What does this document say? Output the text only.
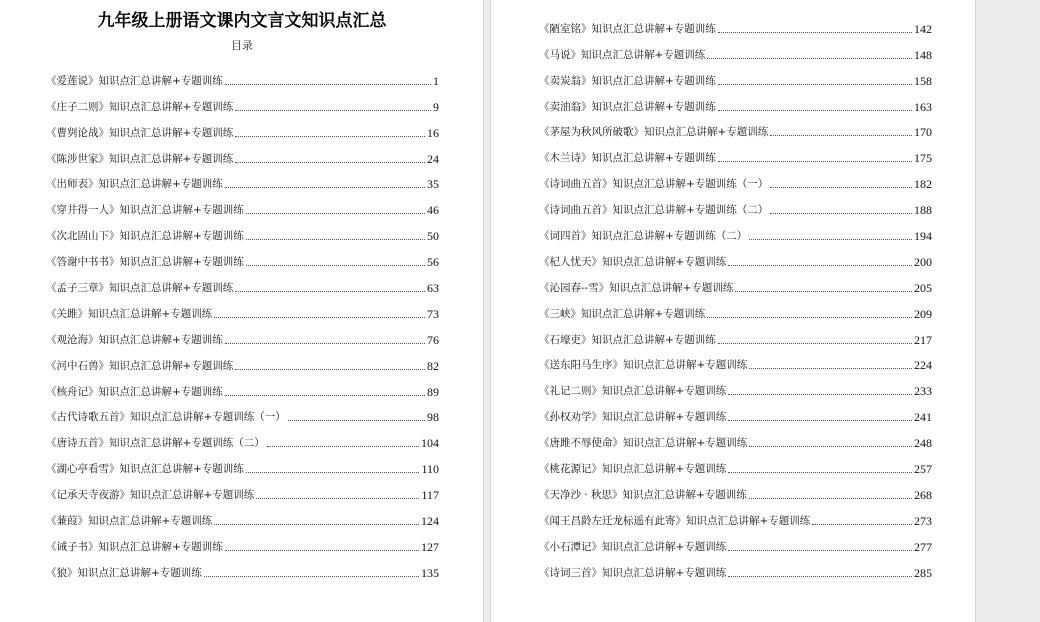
九年级上册语文课内文言文知识点汇总
目录
《爱莲说》知识点汇总讲解+专题训练	1
《庄子二则》知识点汇总讲解+专题训练	9
《曹刿论战》知识点汇总讲解+专题训练	16
《陈涉世家》知识点汇总讲解+专题训练	24
《出师表》知识点汇总讲解+专题训练	35
《穿井得一人》知识点汇总讲解+专题训练	46
《次北固山下》知识点汇总讲解+专题训练	50
《答谢中书书》知识点汇总讲解+专题训练	56
《孟子三章》知识点汇总讲解+专题训练	63
《关雎》知识点汇总讲解+专题训练	73
《观沧海》知识点汇总讲解+专题训练	76
《河中石兽》知识点汇总讲解+专题训练	82
《核舟记》知识点汇总讲解+专题训练	89
《古代诗歌五首》知识点汇总讲解+专题训练（一）	98
《唐诗五首》知识点汇总讲解+专题训练（二）	104
《湖心亭看雪》知识点汇总讲解+专题训练	110
《记承天寺夜游》知识点汇总讲解+专题训练	117
《蒹葭》知识点汇总讲解+专题训练	124
《诫子书》知识点汇总讲解+专题训练	127
《狼》知识点汇总讲解+专题训练	135
《陋室铭》知识点汇总讲解+专题训练	142
《马说》知识点汇总讲解+专题训练	148
《卖炭翁》知识点汇总讲解+专题训练	158
《卖油翁》知识点汇总讲解+专题训练	163
《茅屋为秋风所破歌》知识点汇总讲解+专题训练	170
《木兰诗》知识点汇总讲解+专题训练	175
《诗词曲五首》知识点汇总讲解+专题训练（一）	182
《诗词曲五首》知识点汇总讲解+专题训练（二）	188
《词四首》知识点汇总讲解+专题训练（二）	194
《杞人忧天》知识点汇总讲解+专题训练	200
《沁园春--雪》知识点汇总讲解+专题训练	205
《三峡》知识点汇总讲解+专题训练	209
《石壕吏》知识点汇总讲解+专题训练	217
《送东阳马生序》知识点汇总讲解+专题训练	224
《礼记二则》知识点汇总讲解+专题训练	233
《孙权劝学》知识点汇总讲解+专题训练	241
《唐雎不辱使命》知识点汇总讲解+专题训练	248
《桃花源记》知识点汇总讲解+专题训练	257
《天净沙 · 秋思》知识点汇总讲解+专题训练	268
《闻王昌龄左迁龙标遥有此寄》知识点汇总讲解+专题训练	273
《小石潭记》知识点汇总讲解+专题训练	277
《诗词三首》知识点汇总讲解+专题训练	285
